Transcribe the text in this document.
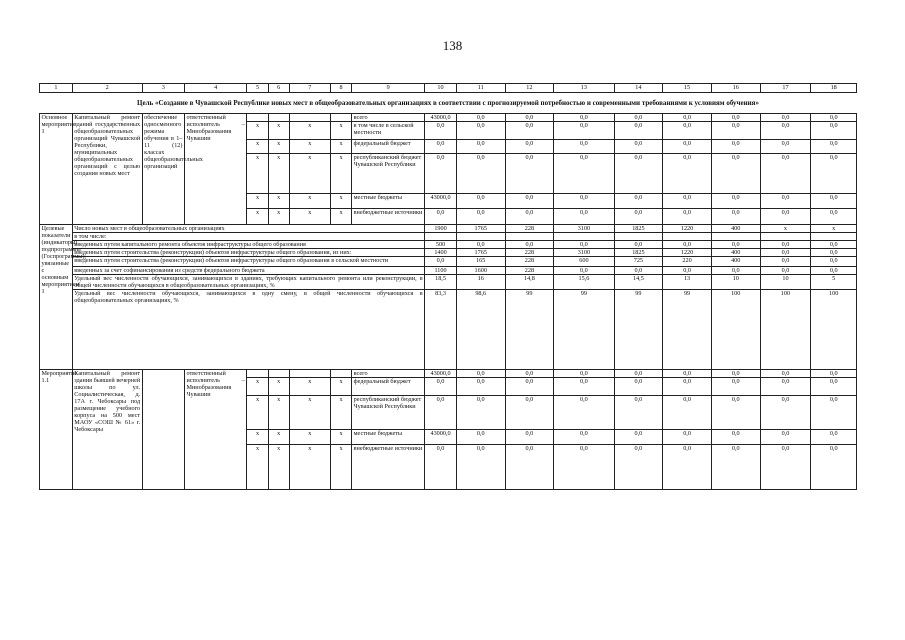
138
1	2	3	4	5	6	7	8	9	10	11	12	13	14	15	16	17	18
Цель «Создание в Чувашской Республике новых мест в общеобразовательных организациях в соответствии с прогнозируемой потребностью и современными требованиями к условиям обучения»																	
Основное мероприятие 1	Капитальный ремонт зданий государственных общеобразовательных организаций Чувашской Республики, муниципальных общеобразовательных организаций с целью создания новых мест	обеспечение односменного режима обучения в 1–11 (12) классах общеобразовательных организаций	ответственный исполнитель – Минобразования Чувашии					всего	43000,0	0,0	0,0	0,0	0,0	0,0	0,0	0,0	0,0
				x	x	x	x	в том числе в сельской местности	0,0	0,0	0,0	0,0	0,0	0,0	0,0	0,0	0,0
				x	x	x	x	федеральный бюджет	0,0	0,0	0,0	0,0	0,0	0,0	0,0	0,0	0,0
				x	x	x	x	республиканский бюджет Чувашской Республики	0,0	0,0	0,0	0,0	0,0	0,0	0,0	0,0	0,0
				x	x	x	x	местные бюджеты	43000,0	0,0	0,0	0,0	0,0	0,0	0,0	0,0	0,0
				x	x	x	x	внебюджетные источники	0,0	0,0	0,0	0,0	0,0	0,0	0,0	0,0	0,0
Целевые показатели (индикаторы) подпрограммы (Госпрограммы), увязанные с основным мероприятием 1	Число новых мест в общеобразовательных организациях								1900	1765	228	3100	1825	1220	400	x	x
	в том числе:																
	введенных путем капитального ремонта объектов инфраструктуры общего образования								500	0,0	0,0	0,0	0,0	0,0	0,0	0,0	0,0
	введенных путем строительства (реконструкции) объектов инфраструктуры общего образования, из них:								1400	1765	228	3100	1825	1220	400	0,0	0,0
	введенных путем строительства (реконструкции) объектов инфраструктуры общего образования в сельской местности								0,0	165	228	600	725	220	400	0,0	0,0
	введенных за счет софинансирования из средств федерального бюджета								1100	1600	228	0,0	0,0	0,0	0,0	0,0	0,0
	Удельный вес численности обучающихся, занимающихся в зданиях, требующих капитального ремонта или реконструкции, в общей численности обучающихся в общеобразовательных организациях, %								18,5	16	14,8	15,6	14,5	13	10	10	5
	Удельный вес численности обучающихся, занимающихся в одну смену, в общей численности обучающихся в общеобразовательных организациях, %								83,3	98,6	99	99	99	99	100	100	100
Мероприятие 1.1	Капитальный ремонт здания бывшей вечерней школы по ул. Социалистическая, д. 17А г. Чебоксары под размещение учебного корпуса на 500 мест МАОУ «СОШ № 61» г. Чебоксары		ответственный исполнитель – Минобразования Чувашии					всего	43000,0	0,0	0,0	0,0	0,0	0,0	0,0	0,0	0,0
				x	x	x	x	федеральный бюджет	0,0	0,0	0,0	0,0	0,0	0,0	0,0	0,0	0,0
				x	x	x	x	республиканский бюджет Чувашской Республики	0,0	0,0	0,0	0,0	0,0	0,0	0,0	0,0	0,0
				x	x	x	x	местные бюджеты	43000,0	0,0	0,0	0,0	0,0	0,0	0,0	0,0	0,0
				x	x	x	x	внебюджетные источники	0,0	0,0	0,0	0,0	0,0	0,0	0,0	0,0	0,0
